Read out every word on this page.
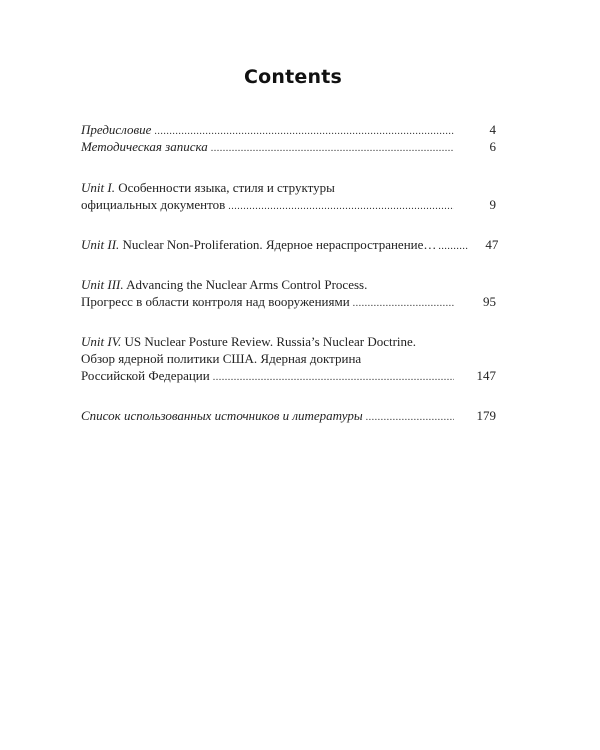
Contents
Предисловие .....	4
Методическая записка .....	6
Unit I. Особенности языка, стиля и структуры
официальных документов .....	9
Unit II. Nuclear Non-Proliferation. Ядерное нераспространение… ..........	47
Unit III. Advancing the Nuclear Arms Control Process.
Прогресс в области контроля над вооружениями .....	95
Unit IV. US Nuclear Posture Review. Russia’s Nuclear Doctrine.
Обзор ядерной политики США. Ядерная доктрина
Российской Федерации .....	147
Список использованных источников и литературы .....	179
